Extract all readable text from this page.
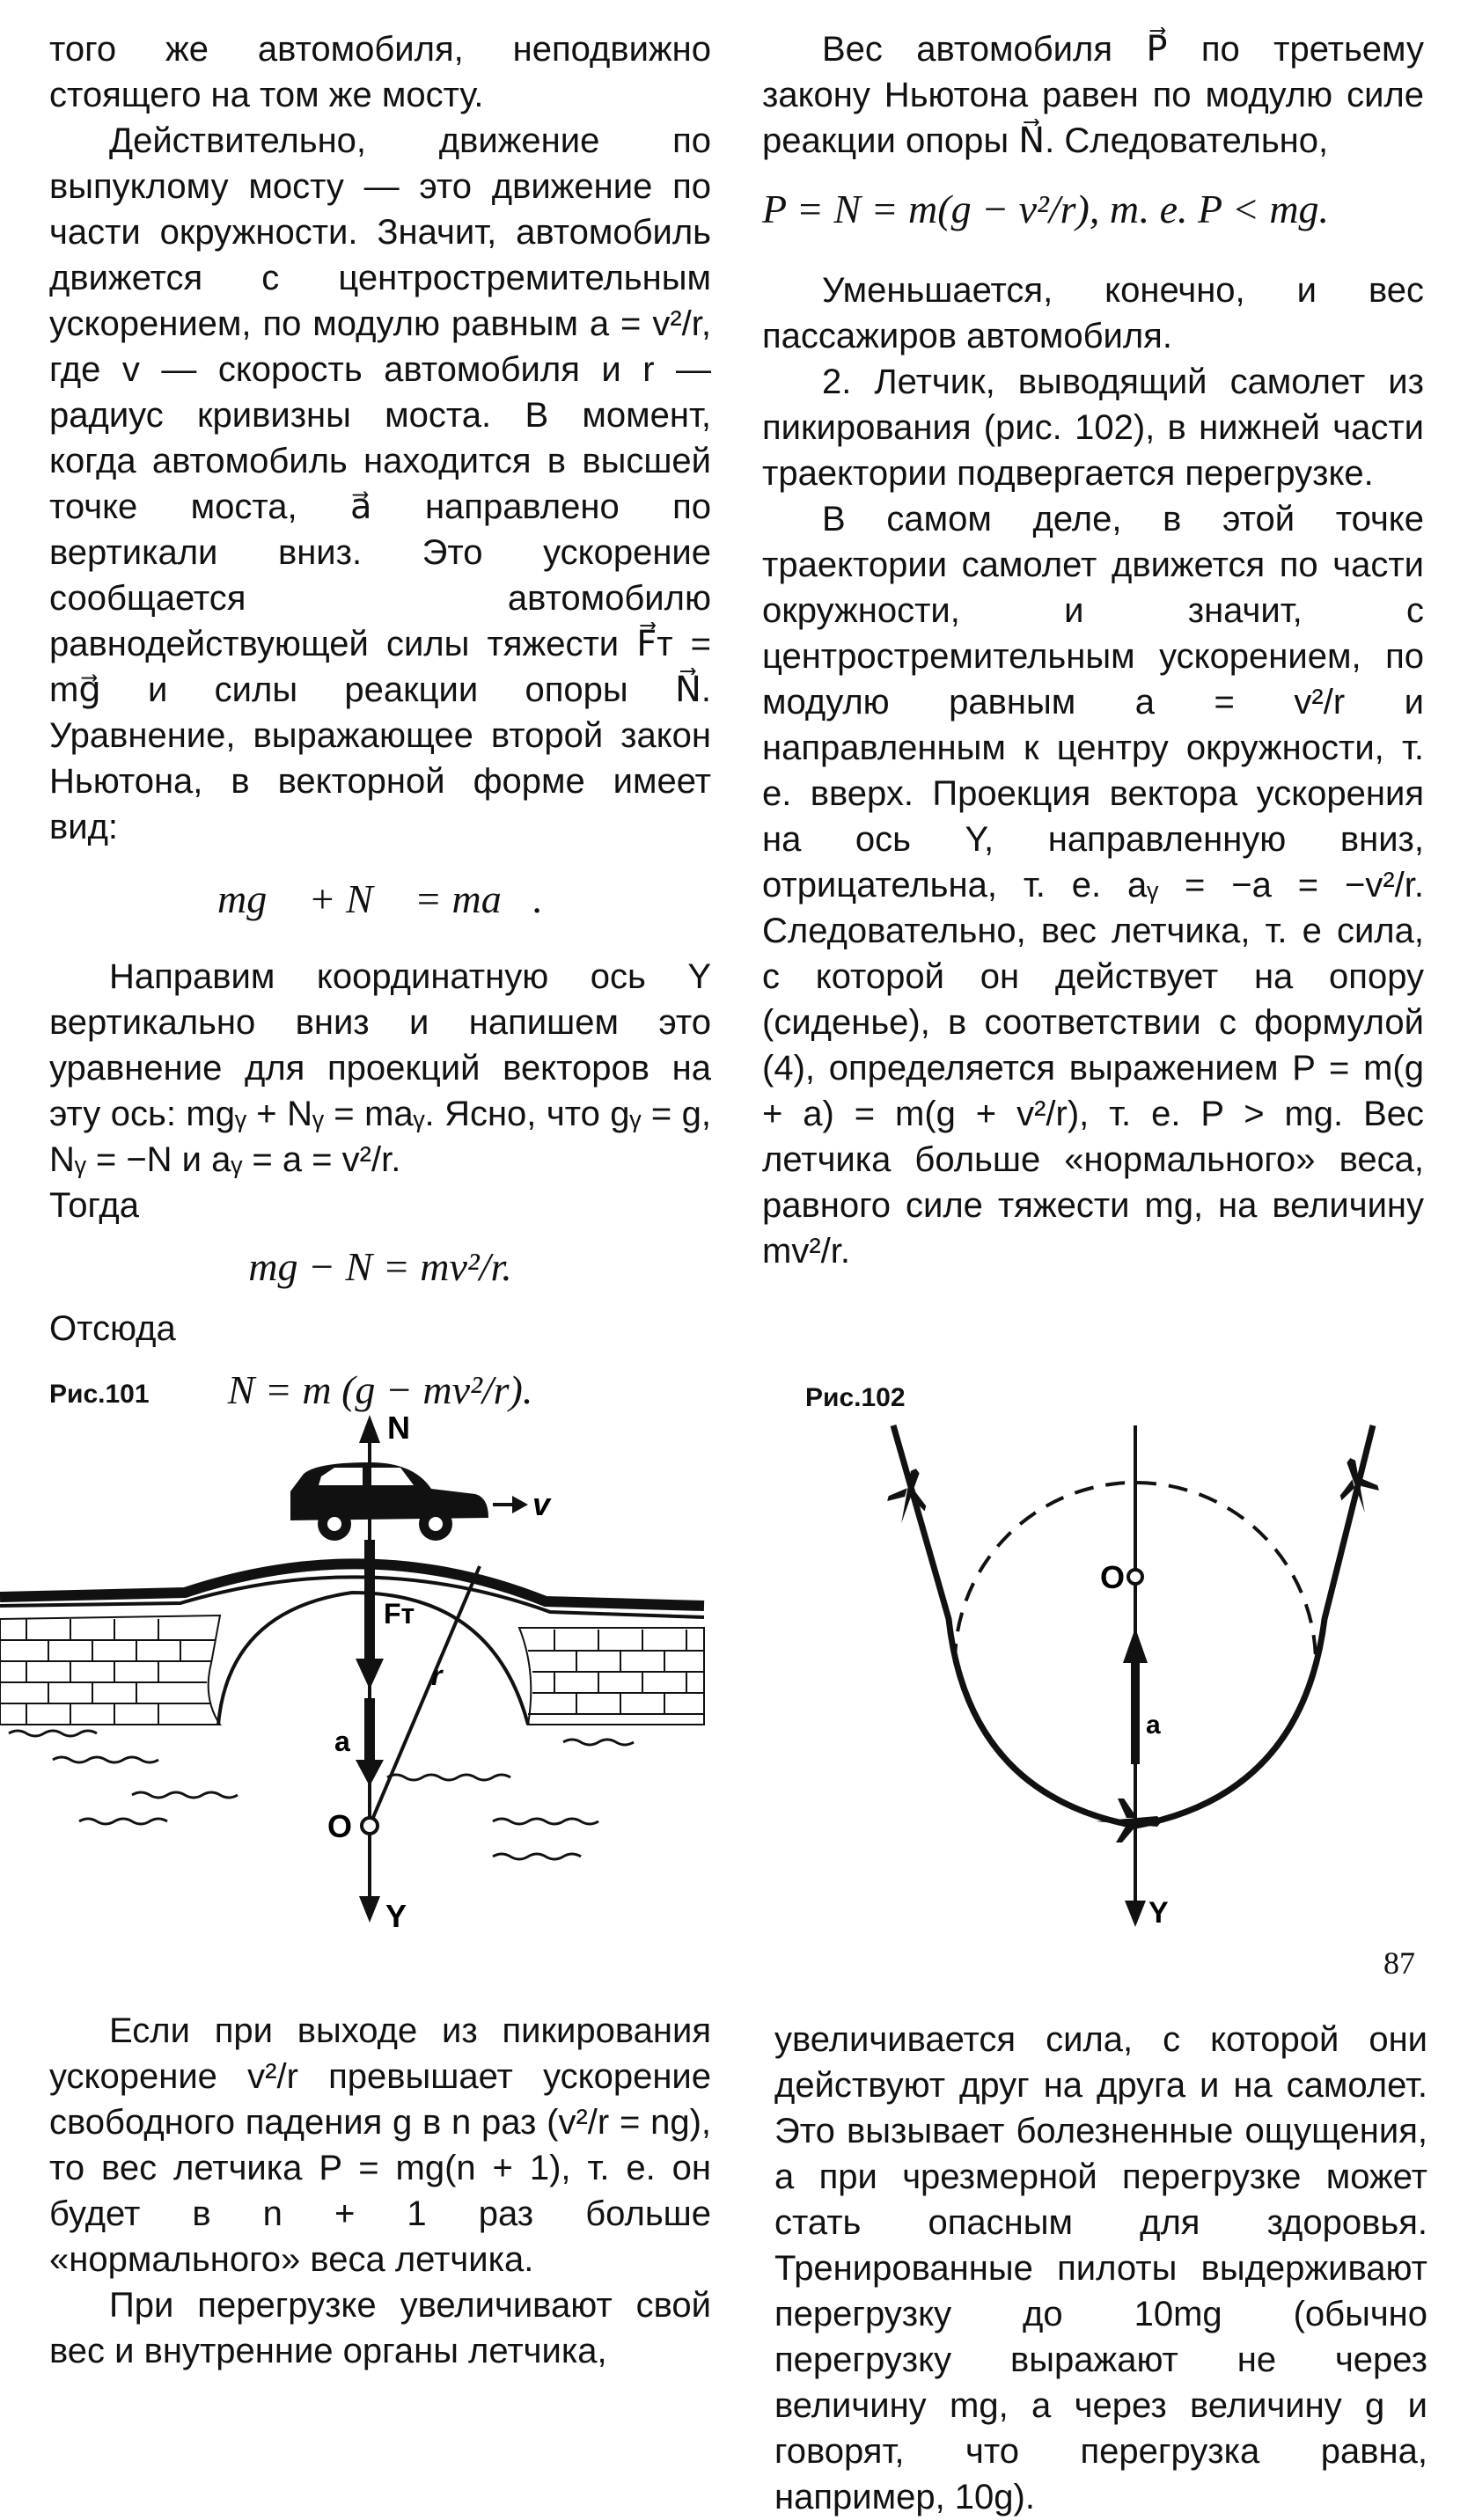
того же автомобиля, неподвижно стоящего на том же мосту.

Действительно, движение по выпуклому мосту — это движение по части окружности. Значит, автомобиль движется с центростремительным ускорением, по модулю равным a = v²/r, где v — скорость автомобиля и r — радиус кривизны моста. В момент, когда автомобиль находится в высшей точке моста, a⃗ направлено по вертикали вниз. Это ускорение сообщается автомобилю равнодействующей силы тяжести F⃗т = mg⃗ и силы реакции опоры N⃗. Уравнение, выражающее второй закон Ньютона, в векторной форме имеет вид:

mg⃗ + N⃗ = ma⃗.

Направим координатную ось Y вертикально вниз и напишем это уравнение для проекций векторов на эту ось: mgᵧ + Nᵧ = maᵧ. Ясно, что gᵧ = g, Nᵧ = −N и aᵧ = a = v²/r.

Тогда

mg − N = mv²/r.

Отсюда

N = m (g − mv²/r).

Вес автомобиля P⃗ по третьему закону Ньютона равен по модулю силе реакции опоры N⃗. Следовательно,

P = N = m(g − v²/r), т. е. P < mg.

Уменьшается, конечно, и вес пассажиров автомобиля.

2. Летчик, выводящий самолет из пикирования (рис. 102), в нижней части траектории подвергается перегрузке.

В самом деле, в этой точке траектории самолет движется по части окружности, и значит, с центростремительным ускорением, по модулю равным a = v²/r и направленным к центру окружности, т. е. вверх. Проекция вектора ускорения на ось Y, направленную вниз, отрицательна, т. е. aᵧ = −a = −v²/r. Следовательно, вес летчика, т. е сила, с которой он действует на опору (сиденье), в соответствии с формулой (4), определяется выражением P = m(g + a) = m(g + v²/r), т. е. P > mg. Вес летчика больше «нормального» веса, равного силе тяжести mg, на величину mv²/r.

Рис.101
N
v
Fт
a
r
O
Y
Рис.102
O
a
Y
87

Если при выходе из пикирования ускорение v²/r превышает ускорение свободного падения g в n раз (v²/r = ng), то вес летчика P = mg(n + 1), т. е. он будет в n + 1 раз больше «нормального» веса летчика.

При перегрузке увеличивают свой вес и внутренние органы летчика,

увеличивается сила, с которой они действуют друг на друга и на самолет. Это вызывает болезненные ощущения, а при чрезмерной перегрузке может стать опасным для здоровья. Тренированные пилоты выдерживают перегрузку до 10mg (обычно перегрузку выражают не через величину mg, а через величину g и говорят, что перегрузка равна, например, 10g).
